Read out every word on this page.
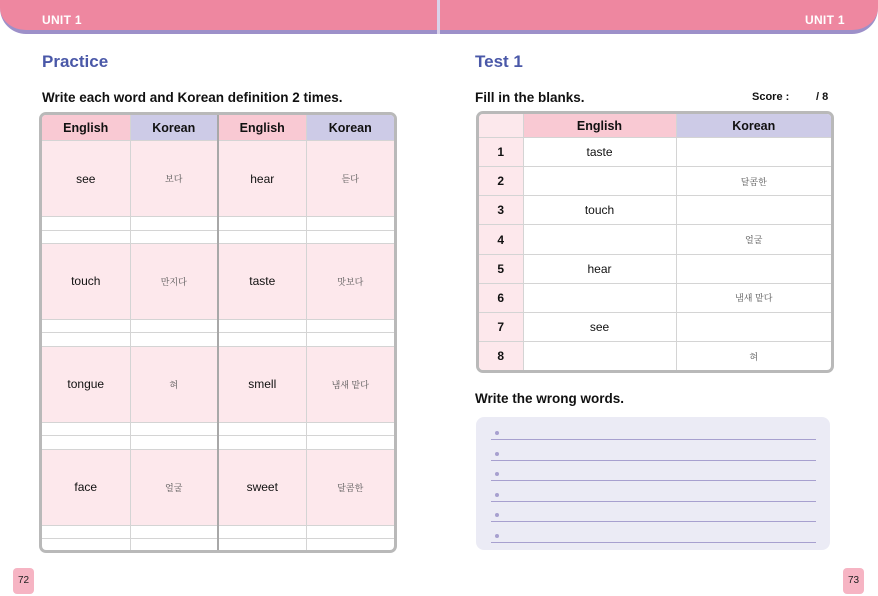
UNIT 1	UNIT 1
Practice
Write each word and Korean definition 2 times.
English	Korean	English	Korean
see	보다	hear	듣다

touch	만지다	taste	맛보다

tongue	혀	smell	냄새 맡다

face	얼굴	sweet	달콤한

Test 1
Fill in the blanks.	Score : / 8
	English	Korean
1	taste	
2		달콤한
3	touch	
4		얼굴
5	hear	
6		냄새 맡다
7	see	
8		혀
Write the wrong words.
72	73
